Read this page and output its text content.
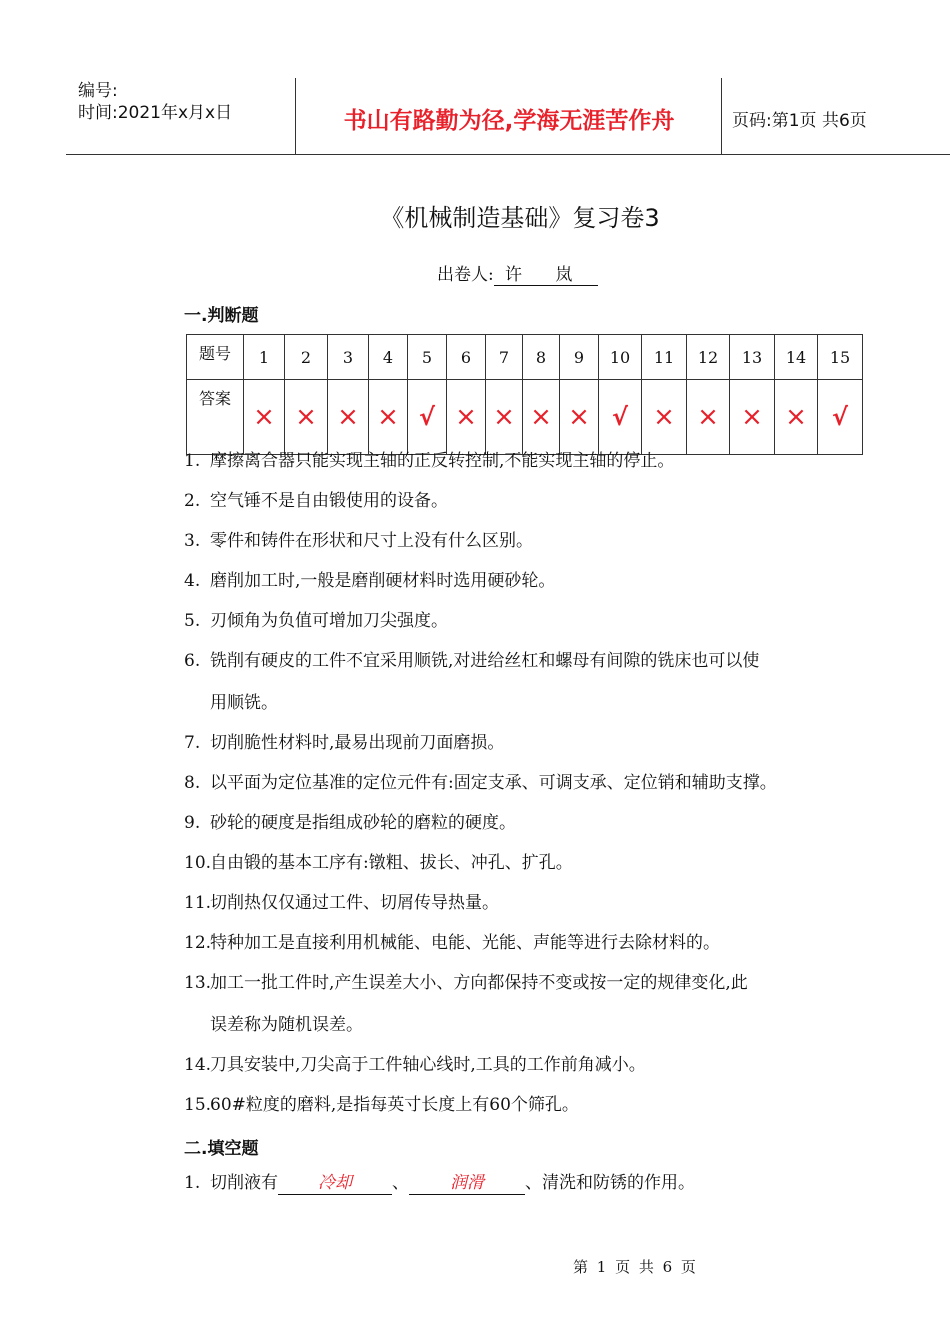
编号:
时间:2021年x月x日	书山有路勤为径,学海无涯苦作舟	页码:第1页 共6页
《机械制造基础》复习卷3
出卷人: 许 岚
一.判断题
题号	1	2	3	4	5	6	7	8	9	10	11	12	13	14	15
答案	×	×	×	×	√	×	×	×	×	√	×	×	×	×	√
1. 摩擦离合器只能实现主轴的正反转控制,不能实现主轴的停止。
2. 空气锤不是自由锻使用的设备。
3. 零件和铸件在形状和尺寸上没有什么区别。
4. 磨削加工时,一般是磨削硬材料时选用硬砂轮。
5. 刃倾角为负值可增加刀尖强度。
6. 铣削有硬皮的工件不宜采用顺铣,对进给丝杠和螺母有间隙的铣床也可以使
用顺铣。
7. 切削脆性材料时,最易出现前刀面磨损。
8. 以平面为定位基准的定位元件有:固定支承、可调支承、定位销和辅助支撑。
9. 砂轮的硬度是指组成砂轮的磨粒的硬度。
10.自由锻的基本工序有:镦粗、拔长、冲孔、扩孔。
11.切削热仅仅通过工件、切屑传导热量。
12.特种加工是直接利用机械能、电能、光能、声能等进行去除材料的。
13.加工一批工件时,产生误差大小、方向都保持不变或按一定的规律变化,此
误差称为随机误差。
14.刀具安装中,刀尖高于工件轴心线时,工具的工作前角减小。
15.60#粒度的磨料,是指每英寸长度上有60个筛孔。
二.填空题
1. 切削液有 冷却 、 润滑 、清洗和防锈的作用。
第 1 页 共 6 页
